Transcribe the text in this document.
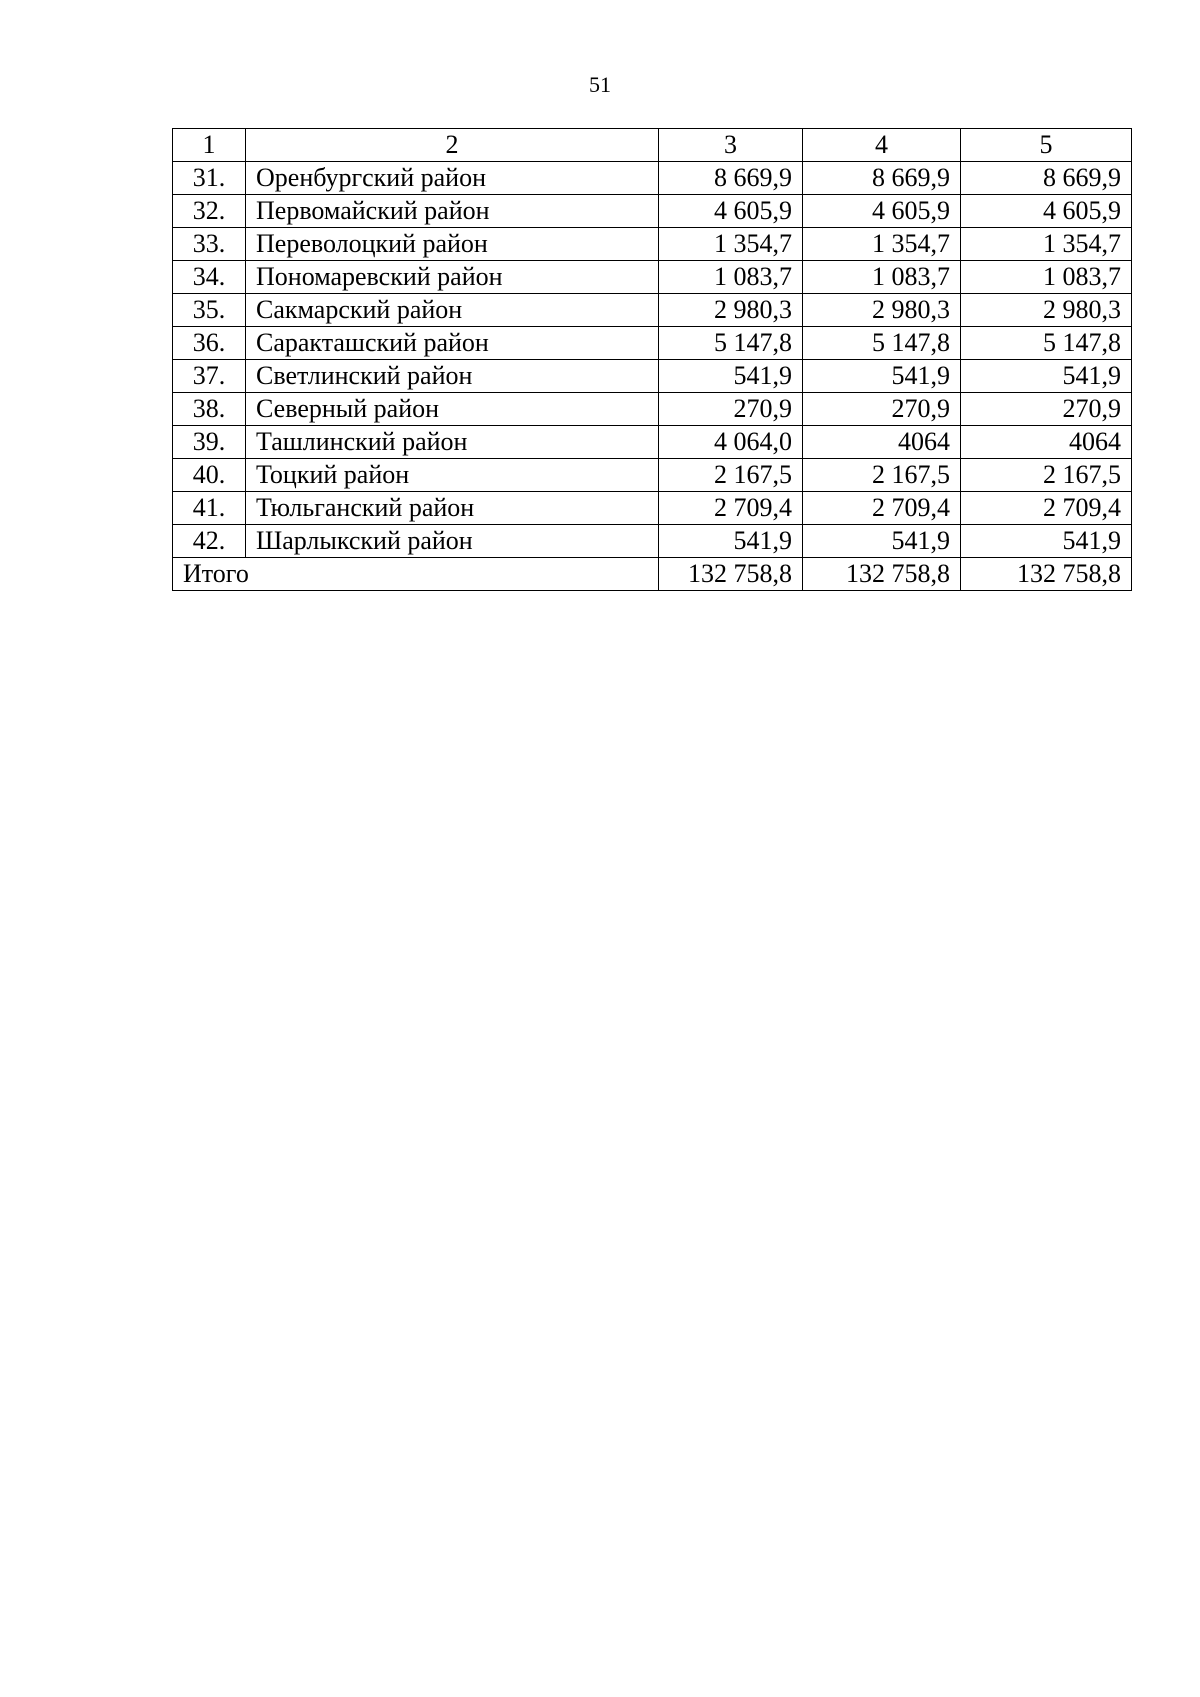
51
1	2	3	4	5
31.	Оренбургский район	8 669,9	8 669,9	8 669,9
32.	Первомайский район	4 605,9	4 605,9	4 605,9
33.	Переволоцкий район	1 354,7	1 354,7	1 354,7
34.	Пономаревский район	1 083,7	1 083,7	1 083,7
35.	Сакмарский район	2 980,3	2 980,3	2 980,3
36.	Саракташский район	5 147,8	5 147,8	5 147,8
37.	Светлинский район	541,9	541,9	541,9
38.	Северный район	270,9	270,9	270,9
39.	Ташлинский район	4 064,0	4064	4064
40.	Тоцкий район	2 167,5	2 167,5	2 167,5
41.	Тюльганский район	2 709,4	2 709,4	2 709,4
42.	Шарлыкский район	541,9	541,9	541,9
Итого		132 758,8	132 758,8	132 758,8
